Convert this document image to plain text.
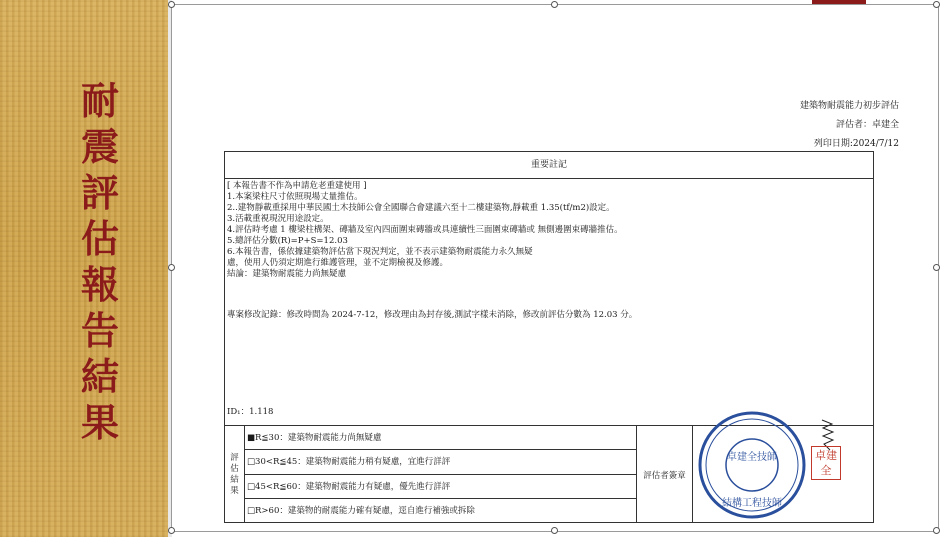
耐震評估報告結果
建築物耐震能力初步評估
評估者：卓建全
列印日期:2024/7/12
重要註記
[ 本報告書不作為申請危老重建使用 ]
1.本案梁柱尺寸依照現場丈量推估。
2..建物靜載重採用中華民國土木技師公會全國聯合會建議六至十二樓建築物,靜載重 1.35(tf/m2)設定。
3.活載重視現況用途設定。
4.評估時考慮 1 樓梁柱構架、磚牆及室內四面圍束磚牆或具連續性三面圍束磚牆或 無側邊圍束磚牆推估。
5.總評估分數(R)=P+S=12.03
6.本報告書，係依據建築物評估當下現況判定，並不表示建築物耐震能力永久無疑
慮，使用人仍須定期進行維護管理，並不定期檢視及修護。
結論：建築物耐震能力尚無疑慮
專案修改記錄：修改時間為 2024-7-12，修改理由為封存後,測試字樣未消除，修改前評估分數為 12.03 分。
ID₁：1.118
評估結果
■R≦30：建築物耐震能力尚無疑慮
□30<R≦45：建築物耐震能力稍有疑慮，宜進行詳評
□45<R≦60：建築物耐震能力有疑慮，優先進行詳評
□R>60：建築物的耐震能力確有疑慮，逕自進行補強或拆除
評估者簽章
卓建全技師
結構工程技師
卓建全
